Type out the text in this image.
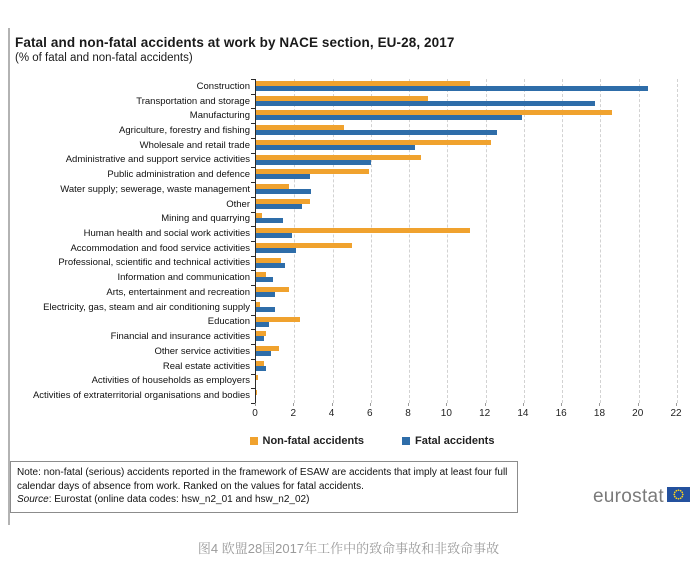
Fatal and non-fatal accidents at work by NACE section, EU-28, 2017
(% of fatal and non-fatal accidents)
Construction
Transportation and storage
Manufacturing
Agriculture, forestry and fishing
Wholesale and retail trade
Administrative and support service activities
Public administration and defence
Water supply; sewerage, waste management
Other
Mining and quarrying
Human health and social work activities
Accommodation and food service activities
Professional, scientific and technical activities
Information and communication
Arts, entertainment and recreation
Electricity, gas, steam and air conditioning supply
Education
Financial and insurance activities
Other service activities
Real estate activities
Activities of households as employers
Activities of extraterritorial organisations and bodies
0	2	4	6	8	10	12	14	16	18	20	22
Non-fatal accidents	Fatal accidents
Note: non-fatal (serious) accidents reported in the framework of ESAW are accidents that imply at least four full calendar days of absence from work. Ranked on the values for fatal accidents.
Source: Eurostat (online data codes: hsw_n2_01 and hsw_n2_02)	eurostat
图4 欧盟28国2017年工作中的致命事故和非致命事故
